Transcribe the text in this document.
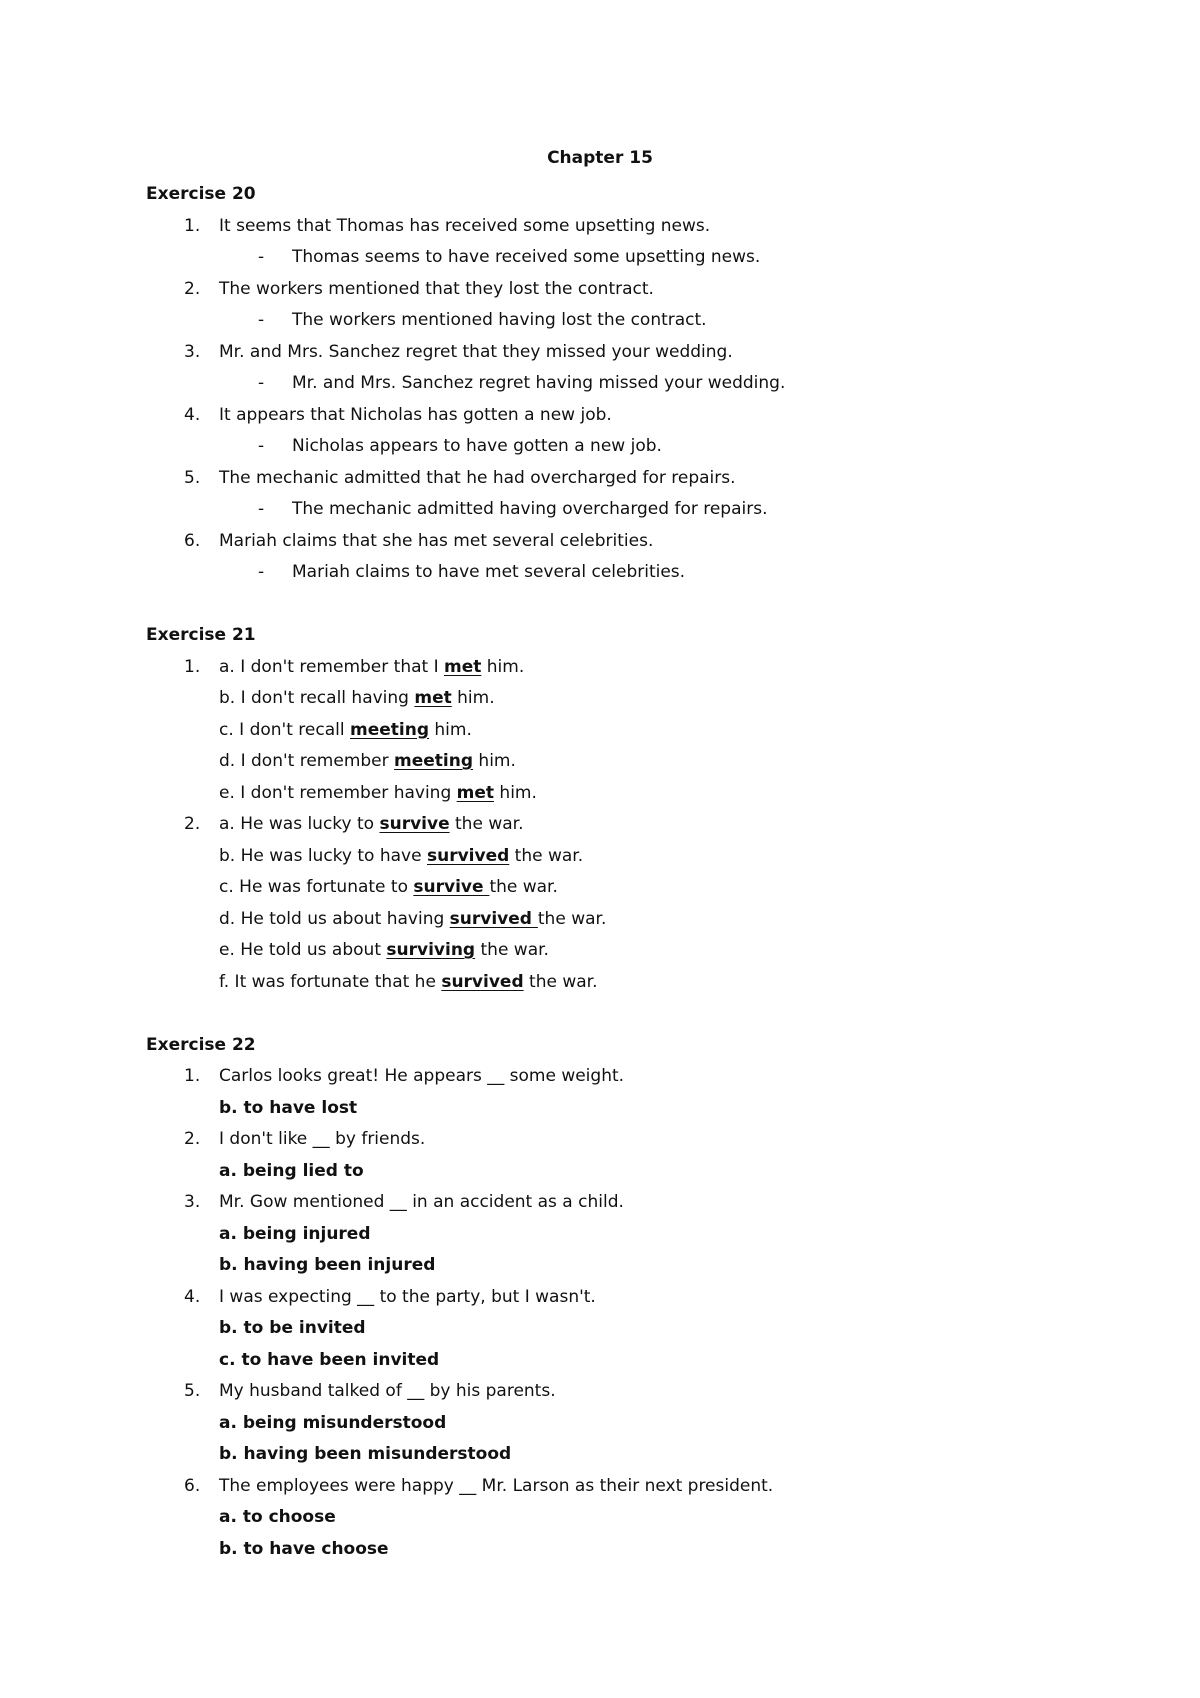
Chapter 15
Exercise 20
1.	It seems that Thomas has received some upsetting news.
- Thomas seems to have received some upsetting news.
2.	The workers mentioned that they lost the contract.
- The workers mentioned having lost the contract.
3.	Mr. and Mrs. Sanchez regret that they missed your wedding.
- Mr. and Mrs. Sanchez regret having missed your wedding.
4.	It appears that Nicholas has gotten a new job.
- Nicholas appears to have gotten a new job.
5.	The mechanic admitted that he had overcharged for repairs.
- The mechanic admitted having overcharged for repairs.
6.	Mariah claims that she has met several celebrities.
- Mariah claims to have met several celebrities.
Exercise 21
1.	a. I don't remember that I met him.
b. I don't recall having met him.
c. I don't recall meeting him.
d. I don't remember meeting him.
e. I don't remember having met him.
2.	a. He was lucky to survive the war.
b. He was lucky to have survived the war.
c. He was fortunate to survive the war.
d. He told us about having survived the war.
e. He told us about surviving the war.
f. It was fortunate that he survived the war.
Exercise 22
1.	Carlos looks great! He appears __ some weight.
b. to have lost
2.	I don't like __ by friends.
a. being lied to
3.	Mr. Gow mentioned __ in an accident as a child.
a. being injured
b. having been injured
4.	I was expecting __ to the party, but I wasn't.
b. to be invited
c. to have been invited
5.	My husband talked of __ by his parents.
a. being misunderstood
b. having been misunderstood
6.	The employees were happy __ Mr. Larson as their next president.
a. to choose
b. to have choose
